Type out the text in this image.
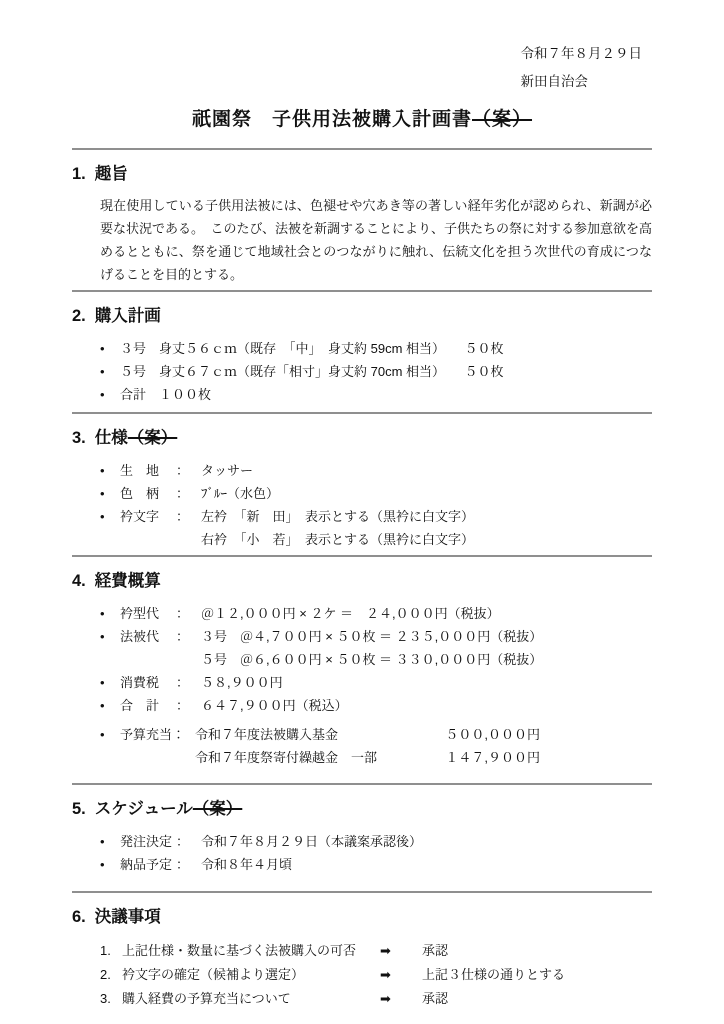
令和７年８月２９日
新田自治会
祇園祭　子供用法被購入計画書（案）
1. 趣旨

現在使用している子供用法被には、色褪せや穴あき等の著しい経年劣化が認められ、新調が必要な状況である。　このたび、法被を新調することにより、子供たちの祭に対する参加意欲を高めるとともに、祭を通じて地域社会とのつながりに触れ、伝統文化を担う次世代の育成につなげることを目的とする。

2. 購入計画
•	３号　身丈５６ｃｍ（既存　「中」　身丈約 59cm 相当）　　５０枚
•	５号　身丈６７ｃｍ（既存「相寸」身丈約 70cm 相当）　　５０枚
•	合計　１００枚
3. 仕様（案）
•	生　地	： タッサー
•	色　柄	： ﾌﾞﾙｰ（水色）
•	衿文字	： 左衿　「新　田」　表示とする（黒衿に白文字）
右衿　「小　若」　表示とする（黒衿に白文字）
4. 経費概算
•	衿型代	： ＠１２,０００円 × ２ケ ＝　２４,０００円（税抜）
•	法被代	： ３号　＠４,７００円 × ５０枚 ＝ ２３５,０００円（税抜）
５号　＠６,６００円 × ５０枚 ＝ ３３０,０００円（税抜）
•	消費税	： ５８,９００円
•	合　計	： ６４７,９００円（税込）
•	予算充当： 令和７年度法被購入基金	５００,０００円
令和７年度祭寄付繰越金　一部	１４７,９００円
5. スケジュール（案）
•	発注決定 ： 令和７年８月２９日（本議案承認後）
•	納品予定 ： 令和８年４月頃
6. 決議事項
1. 上記仕様・数量に基づく法被購入の可否	➡	承認
2. 衿文字の確定（候補より選定）	➡	上記３仕様の通りとする
3. 購入経費の予算充当について	➡	承認
